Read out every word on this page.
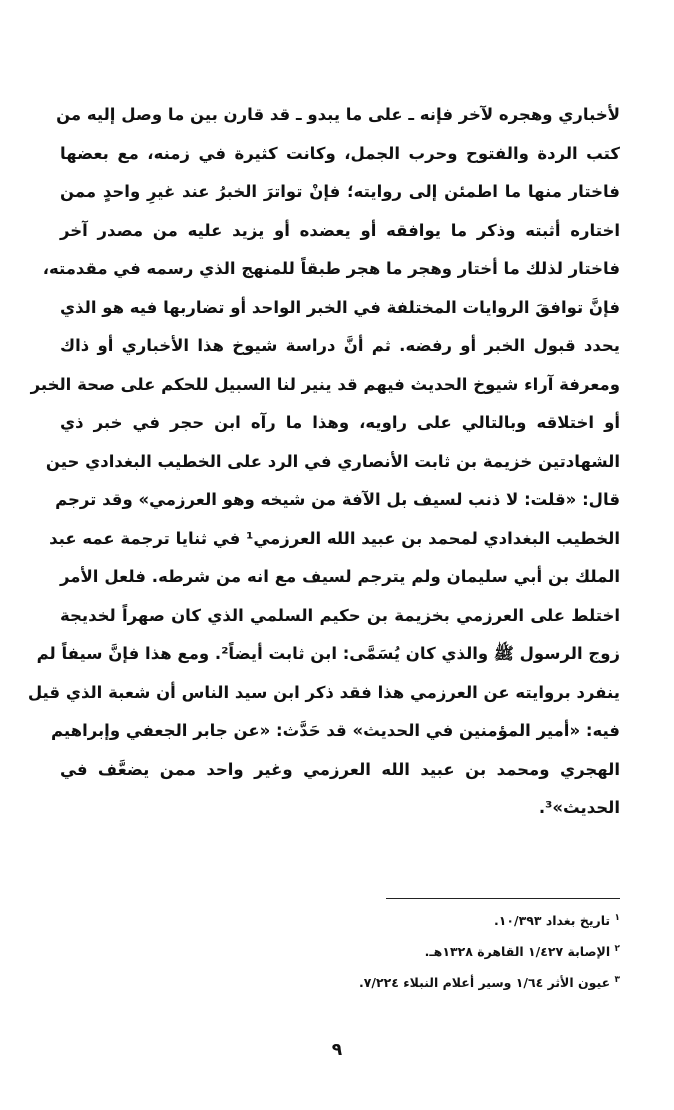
لأخباري وهجره لآخر فإنه ـ على ما يبدو ـ قد قارن بين ما وصل إليه من
كتب الردة والفتوح وحرب الجمل، وكانت كثيرة في زمنه، مع بعضها
فاختار منها ما اطمئن إلى روايته؛ فإنْ تواترَ الخبرُ عند غيرِ واحدٍ ممن
اختاره أثبته وذكر ما يوافقه أو يعضده أو يزيد عليه من مصدر آخر
فاختار لذلك ما أختار وهجر ما هجر طبقاً للمنهج الذي رسمه في مقدمته،
فإنَّ توافقَ الروايات المختلفة في الخبر الواحد أو تضاربها فيه هو الذي
يحدد قبول الخبر أو رفضه. ثم أنَّ دراسة شيوخ هذا الأخباري أو ذاك
ومعرفة آراء شيوخ الحديث فيهم قد ينير لنا السبيل للحكم على صحة الخبر
أو اختلاقه وبالتالي على راويه، وهذا ما رآه ابن حجر في خبر ذي
الشهادتين خزيمة بن ثابت الأنصاري في الرد على الخطيب البغدادي حين
قال: «قلت: لا ذنب لسيف بل الآفة من شيخه وهو العرزمي» وقد ترجم
الخطيب البغدادي لمحمد بن عبيد الله العرزمي¹ في ثنايا ترجمة عمه عبد
الملك بن أبي سليمان ولم يترجم لسيف مع انه من شرطه. فلعل الأمر
اختلط على العرزمي بخزيمة بن حكيم السلمي الذي كان صهراً لخديجة
زوج الرسول ﷺ والذي كان يُسَمَّى: ابن ثابت أيضاً². ومع هذا فإنَّ سيفاً لم
ينفرد بروايته عن العرزمي هذا فقد ذكر ابن سيد الناس أن شعبة الذي قيل
فيه: «أمير المؤمنين في الحديث» قد حَدَّث: «عن جابر الجعفي وإبراهيم
الهجري ومحمد بن عبيد الله العرزمي وغير واحد ممن يضعَّف في
الحديث»³.
$^١$ تاريخ بغداد ١٠/٣٩٣.
$^٢$ الإصابة ١/٤٢٧ القاهرة ١٣٢٨هـ.
$^٣$ عيون الأثر ١/٦٤ وسير أعلام النبلاء ٧/٢٢٤.
٩
